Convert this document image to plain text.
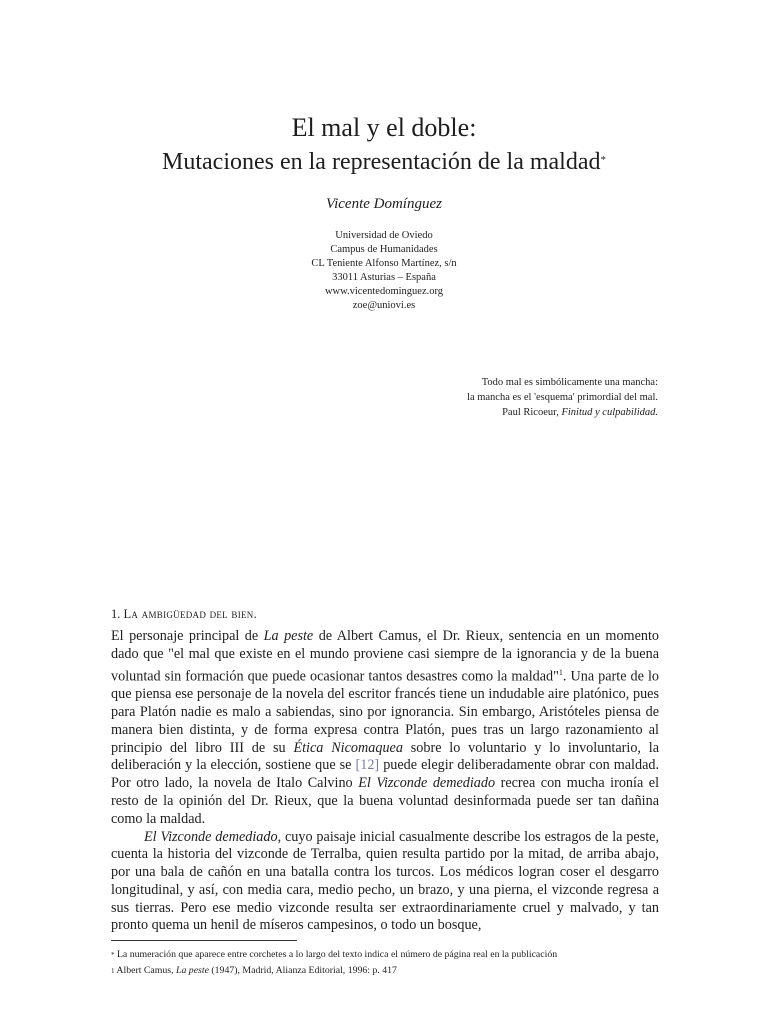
El mal y el doble:
Mutaciones en la representación de la maldad*
Vicente Domínguez
Universidad de Oviedo
Campus de Humanidades
CL Teniente Alfonso Martínez, s/n
33011 Asturias – España
www.vicentedominguez.org
zoe@uniovi.es
Todo mal es simbólicamente una mancha:
la mancha es el 'esquema' primordial del mal.
Paul Ricoeur, Finitud y culpabilidad.
1. La ambigüedad del bien.

El personaje principal de La peste de Albert Camus, el Dr. Rieux, sentencia en un momento dado que "el mal que existe en el mundo proviene casi siempre de la ignorancia y de la buena voluntad sin formación que puede ocasionar tantos desastres como la maldad"$^1$. Una parte de lo que piensa ese personaje de la novela del escritor francés tiene un indudable aire platónico, pues para Platón nadie es malo a sabiendas, sino por ignorancia. Sin embargo, Aristóteles piensa de manera bien distinta, y de forma expresa contra Platón, pues tras un largo razonamiento al principio del libro III de su Ética Nicomaquea sobre lo voluntario y lo involuntario, la deliberación y la elección, sostiene que se [12] puede elegir deliberadamente obrar con maldad. Por otro lado, la novela de Italo Calvino El Vizconde demediado recrea con mucha ironía el resto de la opinión del Dr. Rieux, que la buena voluntad desinformada puede ser tan dañina como la maldad.

El Vizconde demediado, cuyo paisaje inicial casualmente describe los estragos de la peste, cuenta la historia del vizconde de Terralba, quien resulta partido por la mitad, de arriba abajo, por una bala de cañón en una batalla contra los turcos. Los médicos logran coser el desgarro longitudinal, y así, con media cara, medio pecho, un brazo, y una pierna, el vizconde regresa a sus tierras. Pero ese medio vizconde resulta ser extraordinariamente cruel y malvado, y tan pronto quema un henil de míseros campesinos, o todo un bosque,

* La numeración que aparece entre corchetes a lo largo del texto indica el número de página real en la publicación
$^1$ Albert Camus, La peste (1947), Madrid, Alianza Editorial, 1996: p. 417
